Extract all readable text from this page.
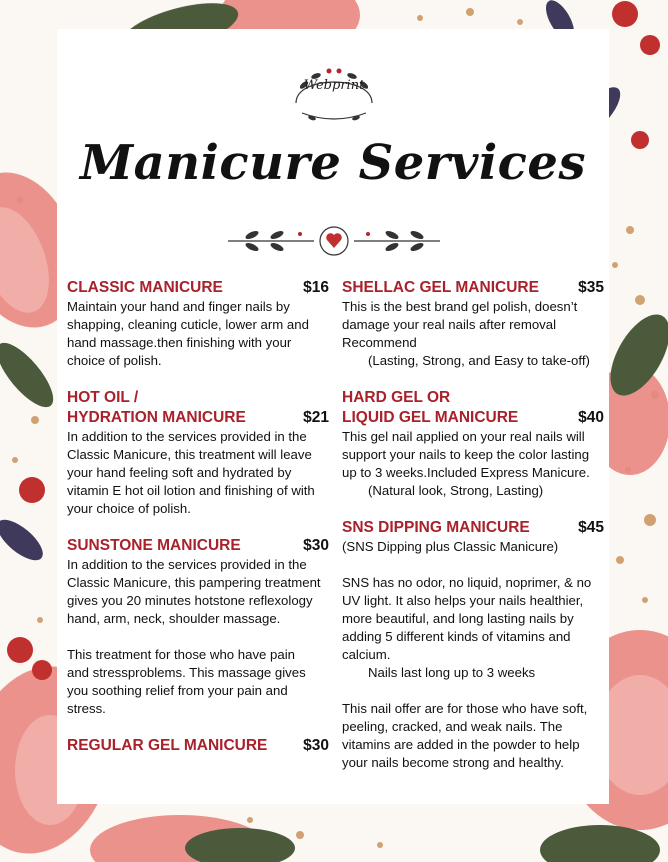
Webprint
Manicure Services
CLASSIC MANICURE	$16
Maintain your hand and finger nails by
shapping, cleaning cuticle, lower arm and
hand massage.then finishing with your
choice of polish.
HOT OIL /
HYDRATION MANICURE	$21
In addition to the services provided in the
Classic Manicure, this treatment will leave
your hand feeling soft and hydrated by
vitamin E hot oil lotion and finishing of with
your choice of polish.
SUNSTONE MANICURE	$30
In addition to the services provided in the
Classic Manicure, this pampering treatment
gives you 20 minutes hotstone reflexology
hand, arm, neck, shoulder massage.
This treatment for those who have pain
and stressproblems. This massage gives
you soothing relief from your pain and
stress.
REGULAR GEL MANICURE $30
SHELLAC GEL MANICURE	$35
This is the best brand gel polish, doesn’t
damage your real nails after removal
Recommend
(Lasting, Strong, and Easy to take-off)
HARD GEL OR
LIQUID GEL MANICURE	$40
This gel nail applied on your real nails will
support your nails to keep the color lasting
up to 3 weeks.Included Express Manicure.
(Natural look, Strong, Lasting)
SNS DIPPING MANICURE	$45
(SNS Dipping plus Classic Manicure)
SNS has no odor, no liquid, noprimer, & no
UV light. It also helps your nails healthier,
more beautiful, and long lasting nails by
adding 5 different kinds of vitamins and
calcium.
Nails last long up to 3 weeks
This nail offer are for those who have soft,
peeling, cracked, and weak nails. The
vitamins are added in the powder to help
your nails become strong and healthy.
